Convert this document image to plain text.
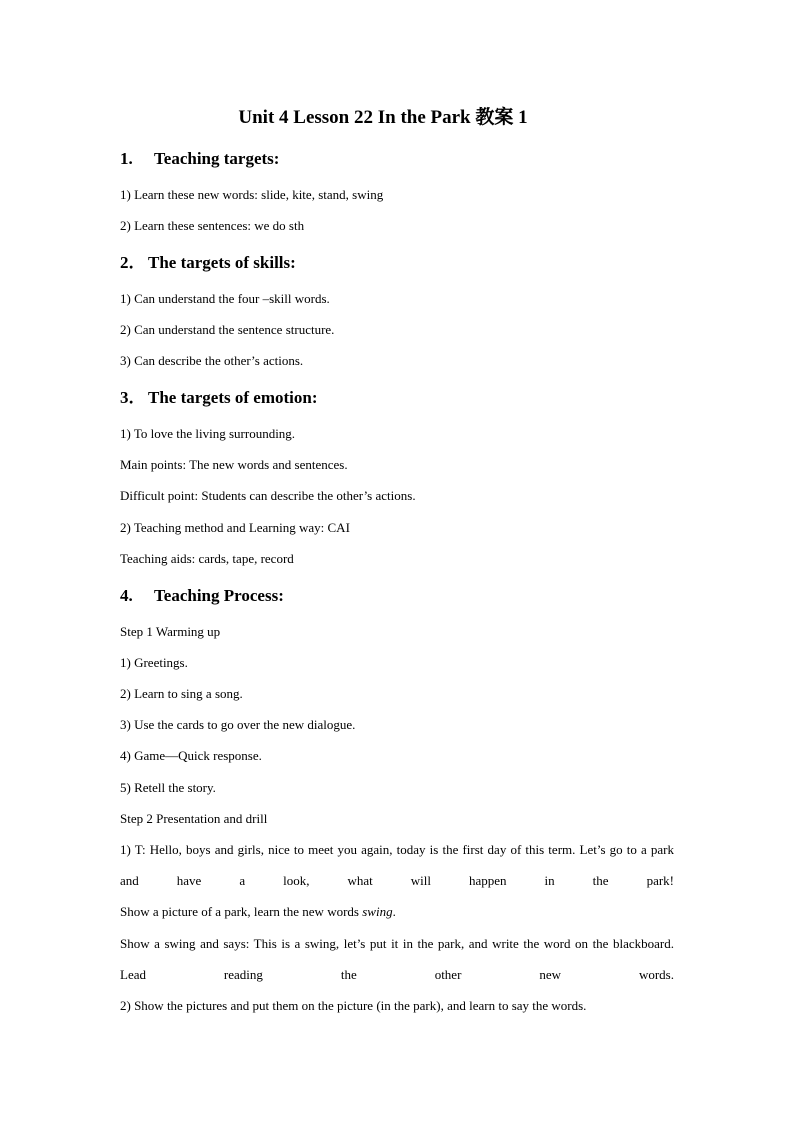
Unit 4 Lesson 22 In the Park 教案 1
1. Teaching targets:
1) Learn these new words: slide, kite, stand, swing
2) Learn these sentences: we do sth
2． The targets of skills:
1) Can understand the four –skill words.
2) Can understand the sentence structure.
3) Can describe the other’s actions.
3． The targets of emotion:
1) To love the living surrounding.
Main points: The new words and sentences.
Difficult point: Students can describe the other’s actions.
2) Teaching method and Learning way: CAI
Teaching aids: cards, tape, record
4. Teaching Process:
Step 1 Warming up
1) Greetings.
2) Learn to sing a song.
3) Use the cards to go over the new dialogue.
4) Game—Quick response.
5) Retell the story.
Step 2 Presentation and drill
1) T: Hello, boys and girls, nice to meet you again, today is the first day of this term. Let’s go to a park and have a look, what will happen in the park!
Show a picture of a park, learn the new words swing.
Show a swing and says: This is a swing, let’s put it in the park, and write the word on the blackboard. Lead reading the other new words.
2) Show the pictures and put them on the picture (in the park), and learn to say the words.
